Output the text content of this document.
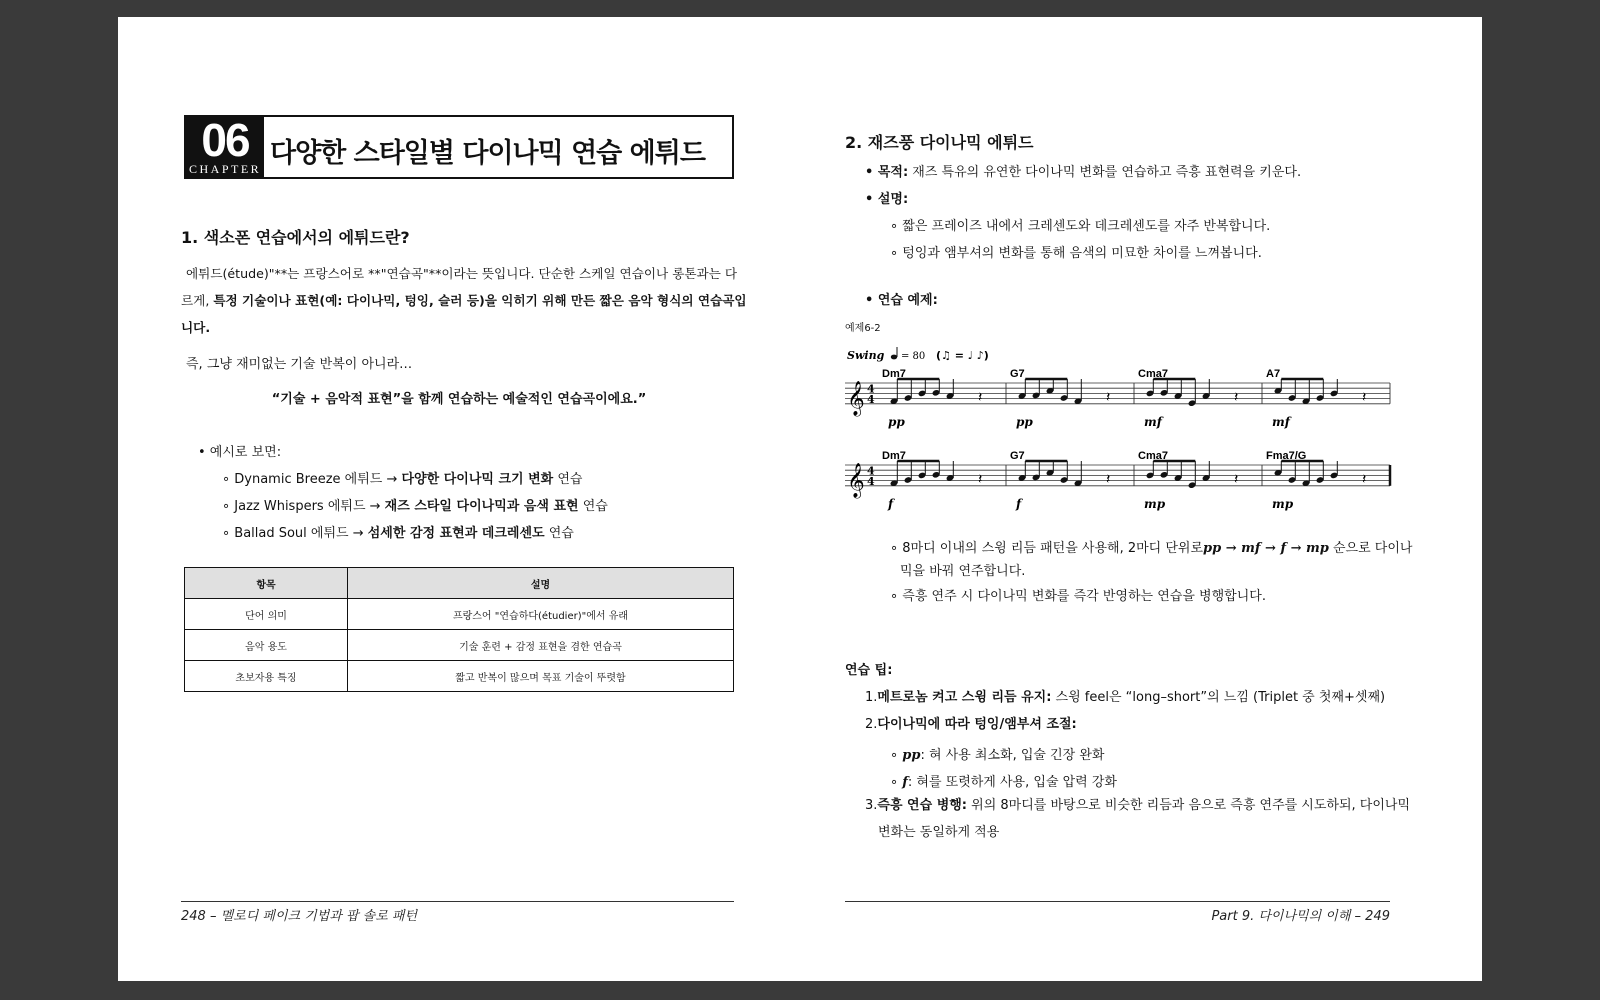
06
CHAPTER 다양한 스타일별 다이나믹 연습 에튀드
1. 색소폰 연습에서의 에튀드란?
에튀드(étude)"**는 프랑스어로 **"연습곡"**이라는 뜻입니다. 단순한 스케일 연습이나 롱톤과는 다
르게, 특정 기술이나 표현(예: 다이나믹, 텅잉, 슬러 등)을 익히기 위해 만든 짧은 음악 형식의 연습곡입
니다.
즉, 그냥 재미없는 기술 반복이 아니라…
“기술 + 음악적 표현”을 함께 연습하는 예술적인 연습곡이에요.”
• 예시로 보면:
∘ Dynamic Breeze 에튀드 → 다양한 다이나믹 크기 변화 연습
∘ Jazz Whispers 에튀드 → 재즈 스타일 다이나믹과 음색 표현 연습
∘ Ballad Soul 에튀드 → 섬세한 감정 표현과 데크레센도 연습
항목	설명
단어 의미	프랑스어 "연습하다(étudier)"에서 유래
음악 용도	기술 훈련 + 감정 표현을 겸한 연습곡
초보자용 특징	짧고 반복이 많으며 목표 기술이 뚜렷함
248 – 멜로디 페이크 기법과 팝 솔로 패턴
2. 재즈풍 다이나믹 에튀드
• 목적: 재즈 특유의 유연한 다이나믹 변화를 연습하고 즉흥 표현력을 키운다.
• 설명:
∘ 짧은 프레이즈 내에서 크레센도와 데크레센도를 자주 반복합니다.
∘ 텅잉과 앰부셔의 변화를 통해 음색의 미묘한 차이를 느껴봅니다.
• 연습 예제:
예제6-2
Swing = 80 (♫ = ♩ ♪)
𝄞 4
4
Dm7
pp
𝄽
G7
pp
𝄽
Cma7
mf
𝄽
A7
mf
𝄽
𝄞 4
4
Dm7
f
𝄽
G7
f
𝄽
Cma7
mp
𝄽
Fma7/G
mp
𝄽
∘ 8마디 이내의 스윙 리듬 패턴을 사용해, 2마디 단위로pp → mf → f → mp 순으로 다이나
믹을 바꿔 연주합니다.
∘ 즉흥 연주 시 다이나믹 변화를 즉각 반영하는 연습을 병행합니다.
연습 팁:
1.메트로놈 켜고 스윙 리듬 유지: 스윙 feel은 “long–short”의 느낌 (Triplet 중 첫째+셋째)
2.다이나믹에 따라 텅잉/앰부셔 조절:
∘ pp: 혀 사용 최소화, 입술 긴장 완화
∘ f: 혀를 또렷하게 사용, 입술 압력 강화
3.즉흥 연습 병행: 위의 8마디를 바탕으로 비슷한 리듬과 음으로 즉흥 연주를 시도하되, 다이나믹
변화는 동일하게 적용
Part 9. 다이나믹의 이해 – 249
